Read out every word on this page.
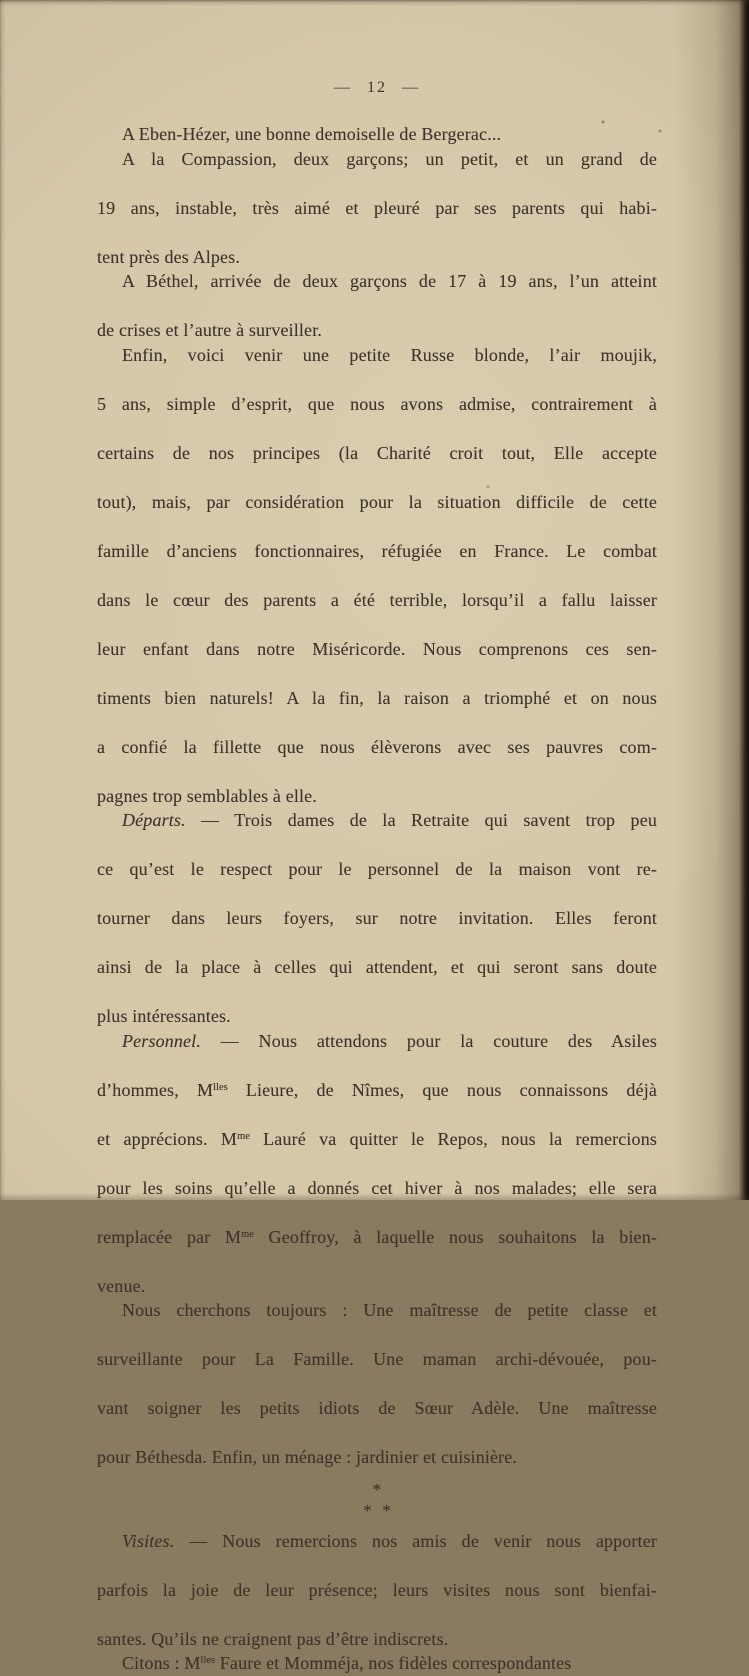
— 12 —
A Eben-Hézer, une bonne demoiselle de Bergerac...
A la Compassion, deux garçons; un petit, et un grand de
19 ans, instable, très aimé et pleuré par ses parents qui habi-
tent près des Alpes.
A Béthel, arrivée de deux garçons de 17 à 19 ans, l’un atteint
de crises et l’autre à surveiller.
Enfin, voici venir une petite Russe blonde, l’air moujik,
5 ans, simple d’esprit, que nous avons admise, contrairement à
certains de nos principes (la Charité croit tout, Elle accepte
tout), mais, par considération pour la situation difficile de cette
famille d’anciens fonctionnaires, réfugiée en France. Le combat
dans le cœur des parents a été terrible, lorsqu’il a fallu laisser
leur enfant dans notre Miséricorde. Nous comprenons ces sen-
timents bien naturels! A la fin, la raison a triomphé et on nous
a confié la fillette que nous élèverons avec ses pauvres com-
pagnes trop semblables à elle.
Départs. — Trois dames de la Retraite qui savent trop peu
ce qu’est le respect pour le personnel de la maison vont re-
tourner dans leurs foyers, sur notre invitation. Elles feront
ainsi de la place à celles qui attendent, et qui seront sans doute
plus intéressantes.
Personnel. — Nous attendons pour la couture des Asiles
d’hommes, $M^{lles}$ Lieure, de Nîmes, que nous connaissons déjà
et apprécions. $M^{me}$ Lauré va quitter le Repos, nous la remercions
pour les soins qu’elle a donnés cet hiver à nos malades; elle sera
remplacée par $M^{me}$ Geoffroy, à laquelle nous souhaitons la bien-
venue.
Nous cherchons toujours : Une maîtresse de petite classe et
surveillante pour La Famille. Une maman archi-dévouée, pou-
vant soigner les petits idiots de Sœur Adèle. Une maîtresse
pour Béthesda. Enfin, un ménage : jardinier et cuisinière.
*
* *
Visites. — Nous remercions nos amis de venir nous apporter
parfois la joie de leur présence; leurs visites nous sont bienfai-
santes. Qu’ils ne craignent pas d’être indiscrets.
Citons : $M^{lles}$ Faure et Momméja, nos fidèles correspondantes
